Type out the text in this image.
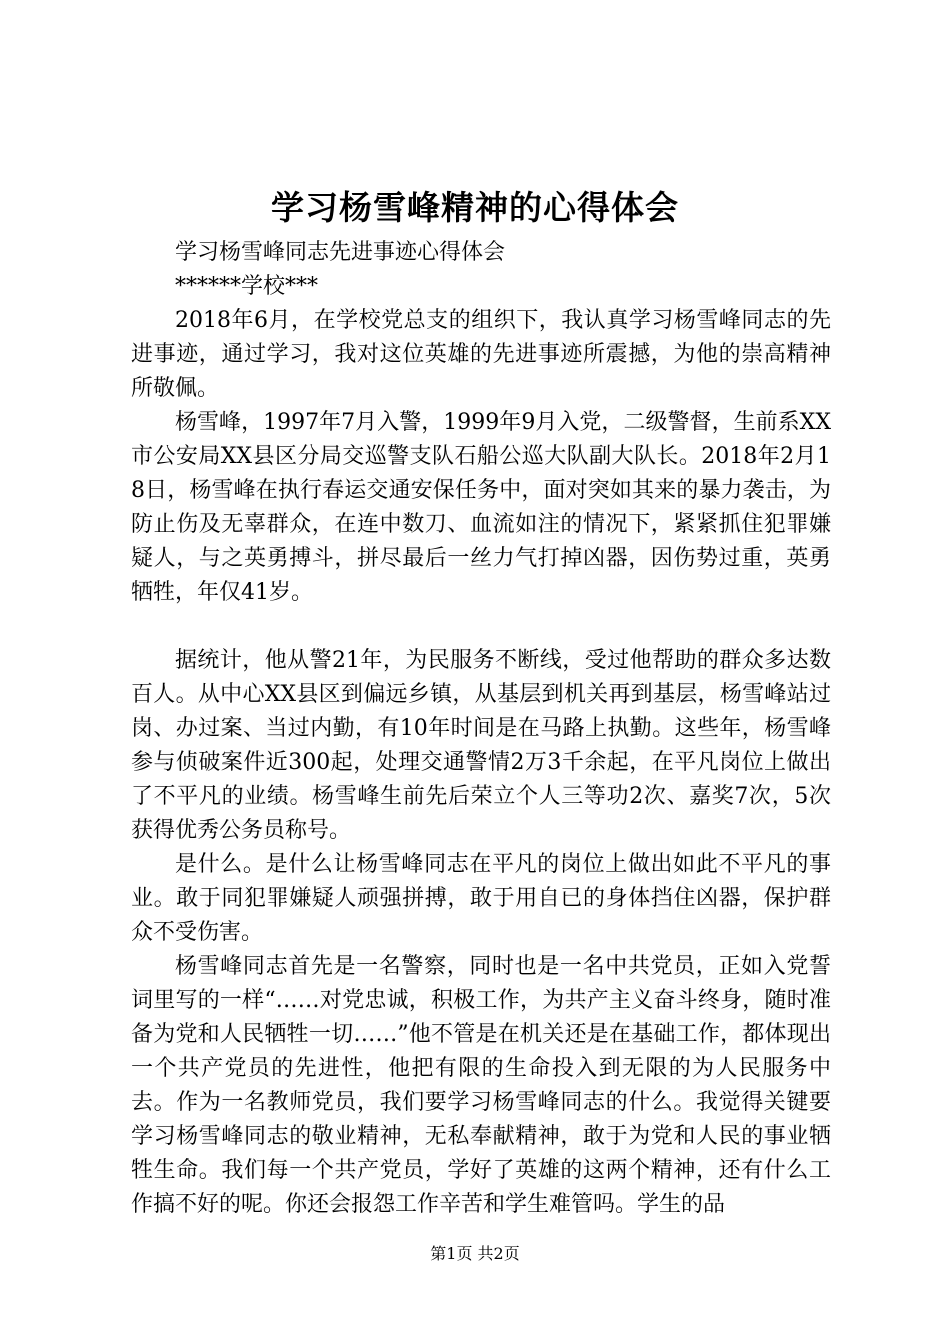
学习杨雪峰精神的心得体会

学习杨雪峰同志先进事迹心得体会

******学校***

2018年6月，在学校党总支的组织下，我认真学习杨雪峰同志的先进事迹，通过学习，我对这位英雄的先进事迹所震撼，为他的崇高精神所敬佩。

杨雪峰，1997年7月入警，1999年9月入党，二级警督，生前系XX市公安局XX县区分局交巡警支队石船公巡大队副大队长。2018年2月18日，杨雪峰在执行春运交通安保任务中，面对突如其来的暴力袭击，为防止伤及无辜群众，在连中数刀、血流如注的情况下，紧紧抓住犯罪嫌疑人，与之英勇搏斗，拼尽最后一丝力气打掉凶器，因伤势过重，英勇牺牲，年仅41岁。

据统计，他从警21年，为民服务不断线，受过他帮助的群众多达数百人。从中心XX县区到偏远乡镇，从基层到机关再到基层，杨雪峰站过岗、办过案、当过内勤，有10年时间是在马路上执勤。这些年，杨雪峰参与侦破案件近300起，处理交通警情2万3千余起，在平凡岗位上做出了不平凡的业绩。杨雪峰生前先后荣立个人三等功2次、嘉奖7次，5次获得优秀公务员称号。

是什么。是什么让杨雪峰同志在平凡的岗位上做出如此不平凡的事业。敢于同犯罪嫌疑人顽强拼搏，敢于用自已的身体挡住凶器，保护群众不受伤害。

杨雪峰同志首先是一名警察，同时也是一名中共党员，正如入党誓词里写的一样“……对党忠诚，积极工作，为共产主义奋斗终身，随时准备为党和人民牺牲一切……”他不管是在机关还是在基础工作，都体现出一个共产党员的先进性，他把有限的生命投入到无限的为人民服务中去。作为一名教师党员，我们要学习杨雪峰同志的什么。我觉得关键要学习杨雪峰同志的敬业精神，无私奉献精神，敢于为党和人民的事业牺牲生命。我们每一个共产党员，学好了英雄的这两个精神，还有什么工作搞不好的呢。你还会报怨工作辛苦和学生难管吗。学生的品

第1页 共2页
